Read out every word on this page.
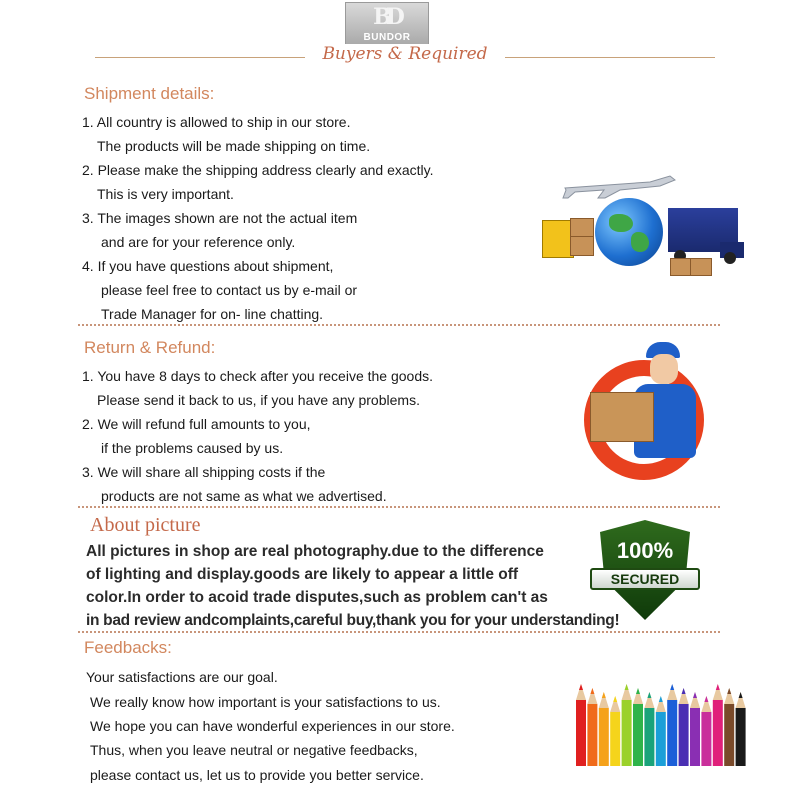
BD
BUNDOR
Buyers & Required
Shipment details:
1. All country is allowed to ship in our store.
The products will be made shipping on time.
2. Please make the shipping address clearly and exactly.
This is very important.
3. The images shown are not the actual item
and are for your reference only.
4. If you have questions about shipment,
please feel free to contact us by e-mail or
Trade Manager for on- line chatting.
Return & Refund:
1. You have 8 days to check after you receive the goods.
Please send it back to us, if you have any problems.
2. We will refund full amounts to you,
if the problems caused by us.
3. We will share all shipping costs if the
products are not same as what we advertised.
About picture
All pictures in shop are real photography.due to the difference
of lighting and display.goods are likely to appear a little off
color.In order to acoid trade disputes,such as problem can't as
in bad review andcomplaints,careful buy,thank you for your understanding!
100%
SECURED
Feedbacks:
Your satisfactions are our goal.
We really know how important is your satisfactions to us.
We hope you can have wonderful experiences in our store.
Thus, when you leave neutral or negative feedbacks,
please contact us, let us to provide you better service.
